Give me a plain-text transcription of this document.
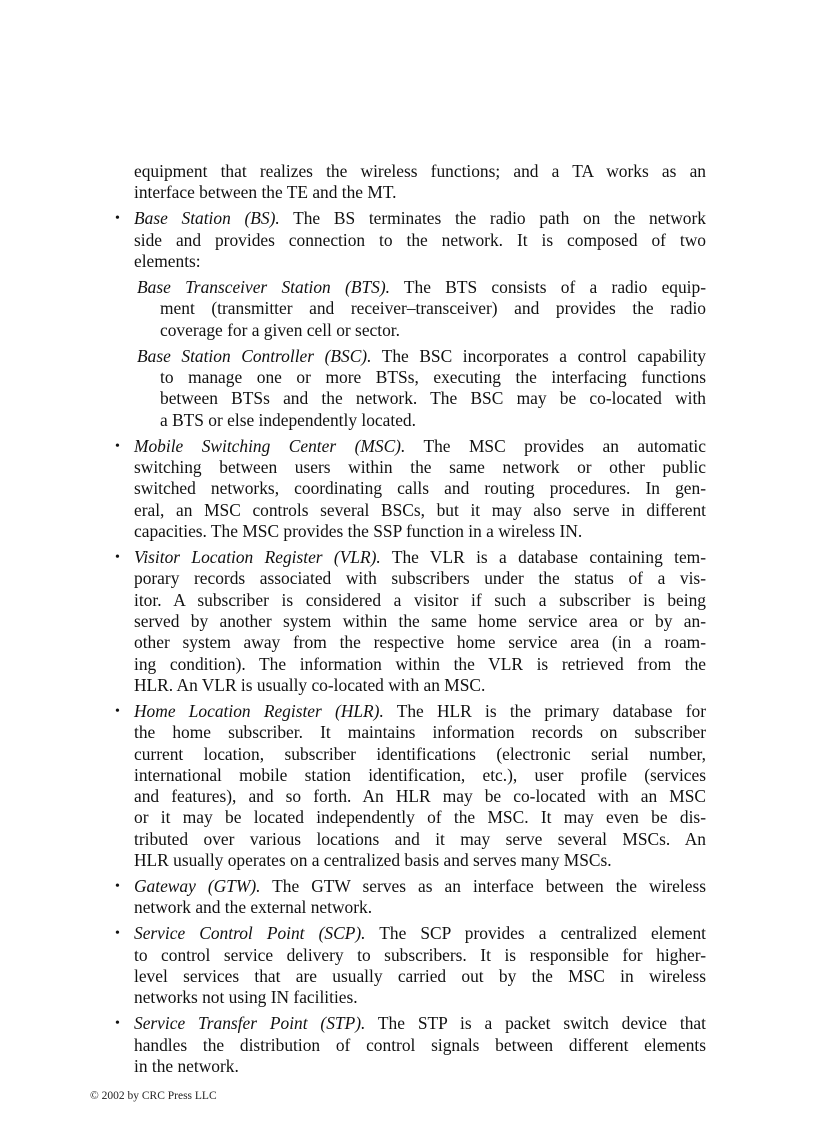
equipment that realizes the wireless functions; and a TA works as an
interface between the TE and the MT.
• Base Station (BS). The BS terminates the radio path on the network
side and provides connection to the network. It is composed of two
elements:
Base Transceiver Station (BTS). The BTS consists of a radio equip-
ment (transmitter and receiver–transceiver) and provides the radio
coverage for a given cell or sector.
Base Station Controller (BSC). The BSC incorporates a control capability
to manage one or more BTSs, executing the interfacing functions
between BTSs and the network. The BSC may be co-located with
a BTS or else independently located.
• Mobile Switching Center (MSC). The MSC provides an automatic
switching between users within the same network or other public
switched networks, coordinating calls and routing procedures. In gen-
eral, an MSC controls several BSCs, but it may also serve in different
capacities. The MSC provides the SSP function in a wireless IN.
• Visitor Location Register (VLR). The VLR is a database containing tem-
porary records associated with subscribers under the status of a vis-
itor. A subscriber is considered a visitor if such a subscriber is being
served by another system within the same home service area or by an-
other system away from the respective home service area (in a roam-
ing condition). The information within the VLR is retrieved from the
HLR. An VLR is usually co-located with an MSC.
• Home Location Register (HLR). The HLR is the primary database for
the home subscriber. It maintains information records on subscriber
current location, subscriber identifications (electronic serial number,
international mobile station identification, etc.), user profile (services
and features), and so forth. An HLR may be co-located with an MSC
or it may be located independently of the MSC. It may even be dis-
tributed over various locations and it may serve several MSCs. An
HLR usually operates on a centralized basis and serves many MSCs.
• Gateway (GTW). The GTW serves as an interface between the wireless
network and the external network.
• Service Control Point (SCP). The SCP provides a centralized element
to control service delivery to subscribers. It is responsible for higher-
level services that are usually carried out by the MSC in wireless
networks not using IN facilities.
• Service Transfer Point (STP). The STP is a packet switch device that
handles the distribution of control signals between different elements
in the network.
© 2002 by CRC Press LLC
